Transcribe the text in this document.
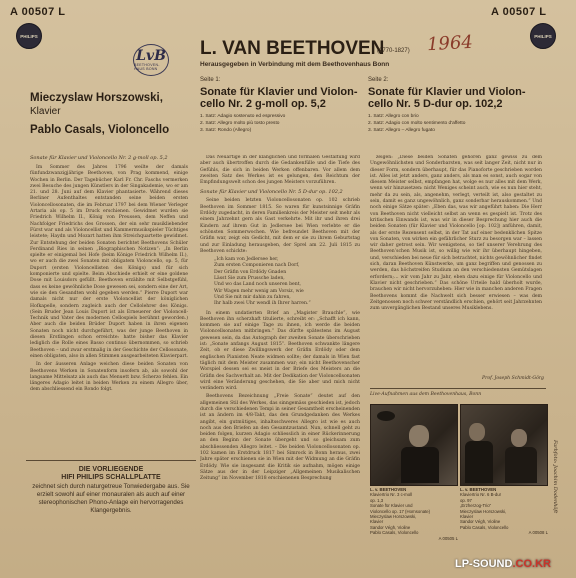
A 00507 L
PHILIPS
LvB
BEETHOVEN-HAUS BONN
L. VAN BEETHOVEN
(1770-1827) 1964
A 00507 L
PHILIPS
Herausgegeben in Verbindung mit dem Beethovenhaus Bonn
Mieczyslaw Horszowski,
Klavier
Pablo Casals, Violoncello
Seite 1:
Sonate für Klavier und Violon-
cello Nr. 2 g-moll op. 5,2
1. Satz: Adagio sostenuto ed espressivo
2. Satz: Allegro molto più tosto presto
3. Satz: Rondo (Allegro)
Seite 2:
Sonate für Klavier und Violon-
cello Nr. 5 D-dur op. 102,2
1. Satz: Allegro con brio
2. Satz: Adagio con molto sentimento d'affetto
3. Satz: Allegro – Allegro fugato
Sonate für Klavier und Violoncello Nr. 2 g-moll op. 5,2

Im Sommer des Jahres 1796 weilte der damals fünfundzwanzigjährige Beethoven, von Prag kommend, einige Wochen in Berlin. Der Tagebücher Karl Fr. Chr. Faschs vermerken zwei Besuche des jungen Künstlers in der Singakademie, wo er am 21. und 28. Juni auf dem Klavier phantasierte. Während dieses Berliner Aufenthaltes entstanden seine beiden ersten Violoncellosonaten, die im Februar 1797 bei dem Wiener Verleger Artaria als op. 5 im Druck erschienen. Gewidmet wurden sie Friedrich Wilhelm II., König von Preussen, dem Neffen und Nachfolger Friedrichs des Grossen, der ein sehr musikliebender Fürst war und als Violoncellist und Kammermusikspieler Tüchtiges leistete; Haydn und Mozart hatten ihm Streichquartette gewidmet. Zur Entstehung der beiden Sonaten berichtet Beethovens Schüler Ferdinand Ries in seinen „Biographischen Notizen“: „In Berlin spielte er einigemal bei Hofe (beim Könige Friedrich Wilhelm II.), wo er auch die zwei Sonaten mit obligatem Violoncello, op. 5, für Duport (ersten Violoncellisten des Königs) und für sich komponierte und spielte. Beim Abschiede erhielt er eine goldene Dose mit Louisdors gefüllt. Beethoven erzählte mit Selbstgefühl, dass es keine gewöhnliche Dose gewesen sei, sondern eine der Art, wie sie den Gesandten wohl gegeben werden.“ Pierre Duport war damals nicht nur der erste Violoncellist der königlichen Hofkapelle, sondern zugleich auch der Cellolehrer des Königs. (Sein Bruder Jean Louis Duport ist als Erneuerer der Violoncell-Technik und Vater des modernen Cellospiels berühmt geworden.) Aber auch die beiden Brüder Duport haben in ihren eigenen Sonaten noch nicht durchgeführt, was der junge Beethoven in diesen Erstlingen schon erreichte: hatte bisher das Klavier lediglich die Rolle eines Basso continuo übernommen, so schrieb Beethoven – und zwar erstmalig in der Geschichte der Cellosonate, einen obligaten, also in allen Stimmen ausgearbeiteten Klavierpart.

In der äusseren Anlage weichen diese beiden Sonaten von Beethovens Werken in Sonatenform insofern ab, als sowohl der langsame Mittelsatz als auch das Menuett bzw. Scherzo fehlen. Ein längeres Adagio leitet in beiden Werken zu einem Allegro über, dem abschliessend ein Rondo folgt.

DIE VORLIEGENDE
HIFI PHILIPS SCHALLPLATTE
zeichnet sich durch naturgetreue Tonwiedergabe aus. Sie erzielt sowohl auf einer monauralen als auch auf einer stereophonischen Phono-Anlage ein hervorragendes Klangergebnis.

Das Neuartige in der klanglichen und formalen Gestaltung wird aber auch übertroffen durch die Gedankenfülle und die Tiefe des Gefühls, die sich in beiden Werken offenbaren. Vor allem dem zweiten Satz des Werkes ist es gelungen, den Reichtum der Empfindungswelt schon des jungen Meisters vorzuführen.

Sonate für Klavier und Violoncello Nr. 5 D-dur op. 102,2

Seine beiden letzten Violoncellosonaten op. 102 schrieb Beethoven im Sommer 1815. So waren für kunstsinnige Gräfin Erdödy zugedacht, in deren Familienkreis der Meister seit mehr als einem Jahrzehnt gern als Gast verkehrte. Mit ihr und ihren drei Kindern auf ihrem Gut in Jedlersee bei Wien verlebte er die schönsten Sommerwochen. Wie befreundet Beethoven mit der Gräfin war, zeigt ein Gedicht, mit dem er sie zu ihrem Geburtstag und zur Einladung herausgeben, der Sprel am 22. Juli 1815 zu Beethoven schickte:

„Ich kam von Jedlersee her,
Zum ersten Componieren nach Dorf,
Der Gräfin von Erdödy Gnaden
Lässt Sie zum Prussche laden,
Und wo das Land noch unseren bent,
Wir Wagen mehr wenig am Vorsiz, wie
Und Sie mit mir dahin zu fahren,
Ihr halb zwei Uhr wendl ih Ihrer harren.“

In einem undatierten Brief an „Magister Brauchle“, wie Beethoven ihn scherzhaft titulierte, schreibt er: „Schafft ich kann, kommen sie auf einige Tage zu ihnen, ich werde die beiden Violoncellsonaten mitbringen.“ Das dürfte spätestens im August gewesen sein, da das Autograph der zweiten Sonate überschrieben ist: „Sonate anfangs August 1815“. Beethoven schwankte längere Zeit, ob er diese Zwillingswerk der Gräfin Erdödy oder dem englischen Pianisten Neate widmen sollte; der damals in Wien fast täglich mit dem Meister zusammen war; ein nicht Beethovenscher Worspiel dessen sei es meist in der Briefe des Meisters an die Gräfin des Sachverhalt an. Mit der Dedikation der Violoncellsonaten wird eine Veränderung geschehen, die Sie aber und mich nicht verändern wird.

Beethovens Bezeichnung „Freie Sonate“ deutet auf den allgemeinen Stil des Werkes, das sinngemäss geschieden ist, jedoch durch die verschiedenen Tempi in seiner Gesamtheit erscheinenden ist an ändern im 4/8-Takt, das den Grundgedanken des Werkes angibt, ein gutmütiges, inhaltsschweres Allegro ist wie es auch noch aus den Briefen an den Gesamtzustand. Nun, schnell geht zu beiden folgen, kurzen Adagio schliesslich in einer Rückerinnerung an den Beginn der Sonate übergeht und so gleichsam zum abschliessenden Allegro leitet. – Die beiden Violoncellosonaten op. 102 kamen im Erstdruck 1817 bei Simrock in Bonn heraus, zwei Jahre später erschienen sie in Wien mit der Widmung an die Gräfin Erdödy. Wie sie insgesamt die Kritik sie aufnahm, mögen einige Sätze aus der in der Leipziger „Allgemeinen Musikalischen Zeitung“ im November 1818 erschienenen Besprechung

zeigen: „Diese beiden Sonaten gehören ganz gewiss zu dem Ungewöhnlichsten und Sonderbarsten, was seit langer Zeit, nicht nur in dieser Form, sondern überhaupt, für das Pianoforte geschrieben worden ist. Alles ist jetzt anders, ganz anders, als man es sonst, auch sogar von diesem Meister selbst, empfangen hat, wolge es nur alles mit dem Werk, wenn wir hinzusetzen: nicht Weniges scheint auch, wie es nun hier steht, mehr da zu sein, als, angenehm, verlegt, verteilt ist, also gestaltet zu sein, damit es ganz ungewöhnlich, ganz sonderbar herauskommen.“ Und noch einige Sätze später: „Eben das, was wir angeführt haben: Die Herr von Beethoven nicht vielleicht selbst an wenn es gespielt ist. Trotz des kritischen Einwands ist, was wir in dieser Besprechung hier auch die beiden Sonaten (für Klavier und Violoncello [op. 102]) anführen, damit, als der erste Rezensent selbst, in der Tat auf einer bedenklichen Spitze von Sonaten, von wirken ein gefährlicher Sturz zu besorgen war – lassen wir daher getrost sein. Wir wenigstens, so tief unserer Verehrung des Beethoven’schen Musik ist, so willig wie wir ihr überhaupt hingeben, und, verschieden bei neue für sich betrachtet, nichts gewöhnlicher findet sich, daran Beethoven Künstwerke, um ganz begriffen und genossen zu werden, das höchstreifen Studium an den verschiedensten Gemütslagen erfordern;… wir vom Jahr zu Jahr, eben dazu einige für Violoncello und Klavier nicht geschrieben.“ Das schöne Urteile hald überholt wurde, brauchen wir nicht hervorzuheben: Hier wie in manchen anderen Fragen Beethovens kommt die Nachwelt sich besser erwiesen – was dem Zeitgenossen noch schwer verständlich erschien, gehört seit Jahrzehnten zum unvergänglichen Bestand unseres Musiklebens.

Prof. Joseph Schmidt-Görg
Live-Aufnahmen aus dem Beethovenhaus, Bonn
L. v. BEETHOVEN
Klaviertrio Nr. 3 c-moll
op. 1,3
Sonate für Klavier und
Violoncello op. 17 (Hornsonate)
Mieczyslaw Horszowski,
Klavier
Sandor Végh, Violine
Pablo Casals, Violoncello
A 00505 L
L. v. BEETHOVEN
Klaviertrio Nr. 6 B-dur
op. 97
„Erzherzog-Trio“
Mieczyslaw Horszowski,
Klavier
Sandor Végh, Violine
Pablo Casals, Violoncello
A 00508 L
Farbfoto: Joachim Dodenhöft
LP-SOUND.CO.KR
